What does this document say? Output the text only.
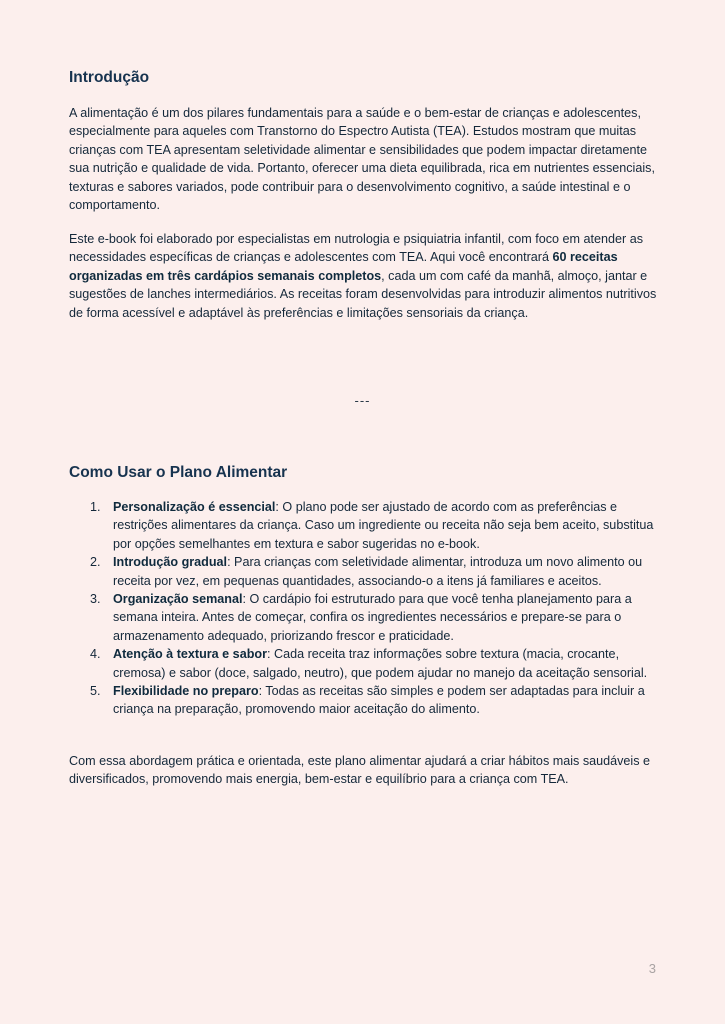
Introdução

A alimentação é um dos pilares fundamentais para a saúde e o bem-estar de crianças e adolescentes, especialmente para aqueles com Transtorno do Espectro Autista (TEA). Estudos mostram que muitas crianças com TEA apresentam seletividade alimentar e sensibilidades que podem impactar diretamente sua nutrição e qualidade de vida. Portanto, oferecer uma dieta equilibrada, rica em nutrientes essenciais, texturas e sabores variados, pode contribuir para o desenvolvimento cognitivo, a saúde intestinal e o comportamento.

Este e-book foi elaborado por especialistas em nutrologia e psiquiatria infantil, com foco em atender as necessidades específicas de crianças e adolescentes com TEA. Aqui você encontrará 60 receitas organizadas em três cardápios semanais completos, cada um com café da manhã, almoço, jantar e sugestões de lanches intermediários. As receitas foram desenvolvidas para introduzir alimentos nutritivos de forma acessível e adaptável às preferências e limitações sensoriais da criança.

---
Como Usar o Plano Alimentar
1. Personalização é essencial: O plano pode ser ajustado de acordo com as preferências e restrições alimentares da criança. Caso um ingrediente ou receita não seja bem aceito, substitua por opções semelhantes em textura e sabor sugeridas no e-book.
2. Introdução gradual: Para crianças com seletividade alimentar, introduza um novo alimento ou receita por vez, em pequenas quantidades, associando-o a itens já familiares e aceitos.
3. Organização semanal: O cardápio foi estruturado para que você tenha planejamento para a semana inteira. Antes de começar, confira os ingredientes necessários e prepare-se para o armazenamento adequado, priorizando frescor e praticidade.
4. Atenção à textura e sabor: Cada receita traz informações sobre textura (macia, crocante, cremosa) e sabor (doce, salgado, neutro), que podem ajudar no manejo da aceitação sensorial.
5. Flexibilidade no preparo: Todas as receitas são simples e podem ser adaptadas para incluir a criança na preparação, promovendo maior aceitação do alimento.

Com essa abordagem prática e orientada, este plano alimentar ajudará a criar hábitos mais saudáveis e diversificados, promovendo mais energia, bem-estar e equilíbrio para a criança com TEA.

3
